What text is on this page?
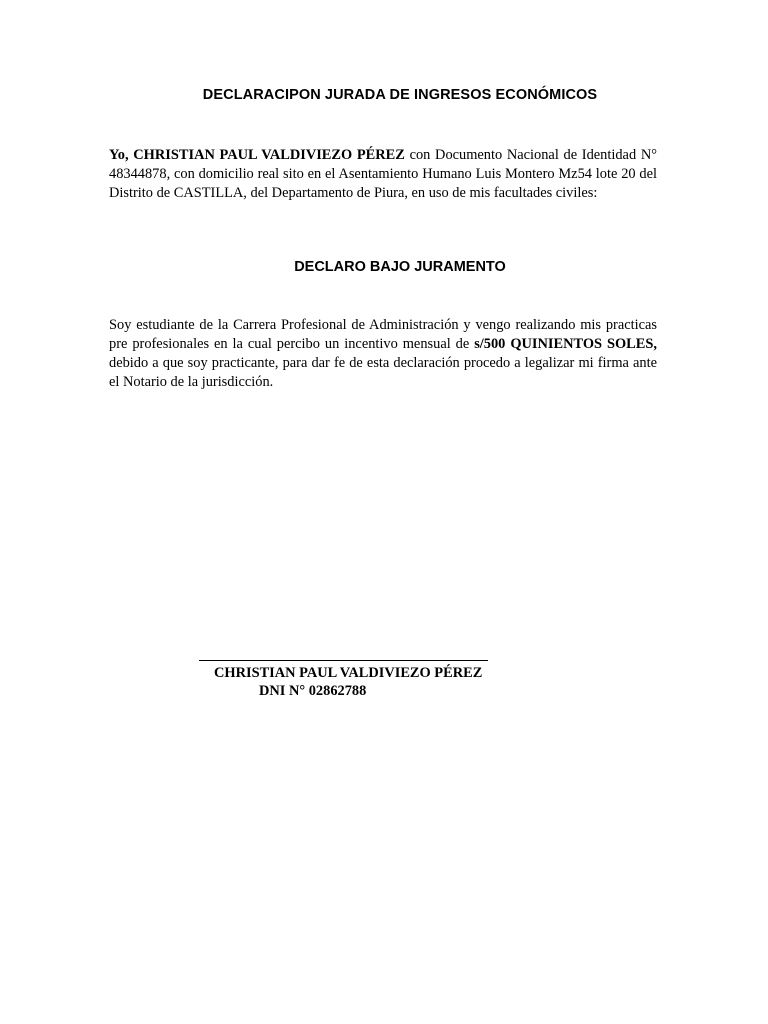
DECLARACIPON JURADA DE INGRESOS ECONÓMICOS

Yo, CHRISTIAN PAUL VALDIVIEZO PÉREZ con Documento Nacional de Identidad N° 48344878, con domicilio real sito en el Asentamiento Humano Luis Montero Mz54 lote 20 del Distrito de CASTILLA, del Departamento de Piura, en uso de mis facultades civiles:

DECLARO BAJO JURAMENTO

Soy estudiante de la Carrera Profesional de Administración y vengo realizando mis practicas pre profesionales en la cual percibo un incentivo mensual de s/500 QUINIENTOS SOLES, debido a que soy practicante, para dar fe de esta declaración procedo a legalizar mi firma ante el Notario de la jurisdicción.

CHRISTIAN PAUL VALDIVIEZO PÉREZ

DNI N° 02862788
